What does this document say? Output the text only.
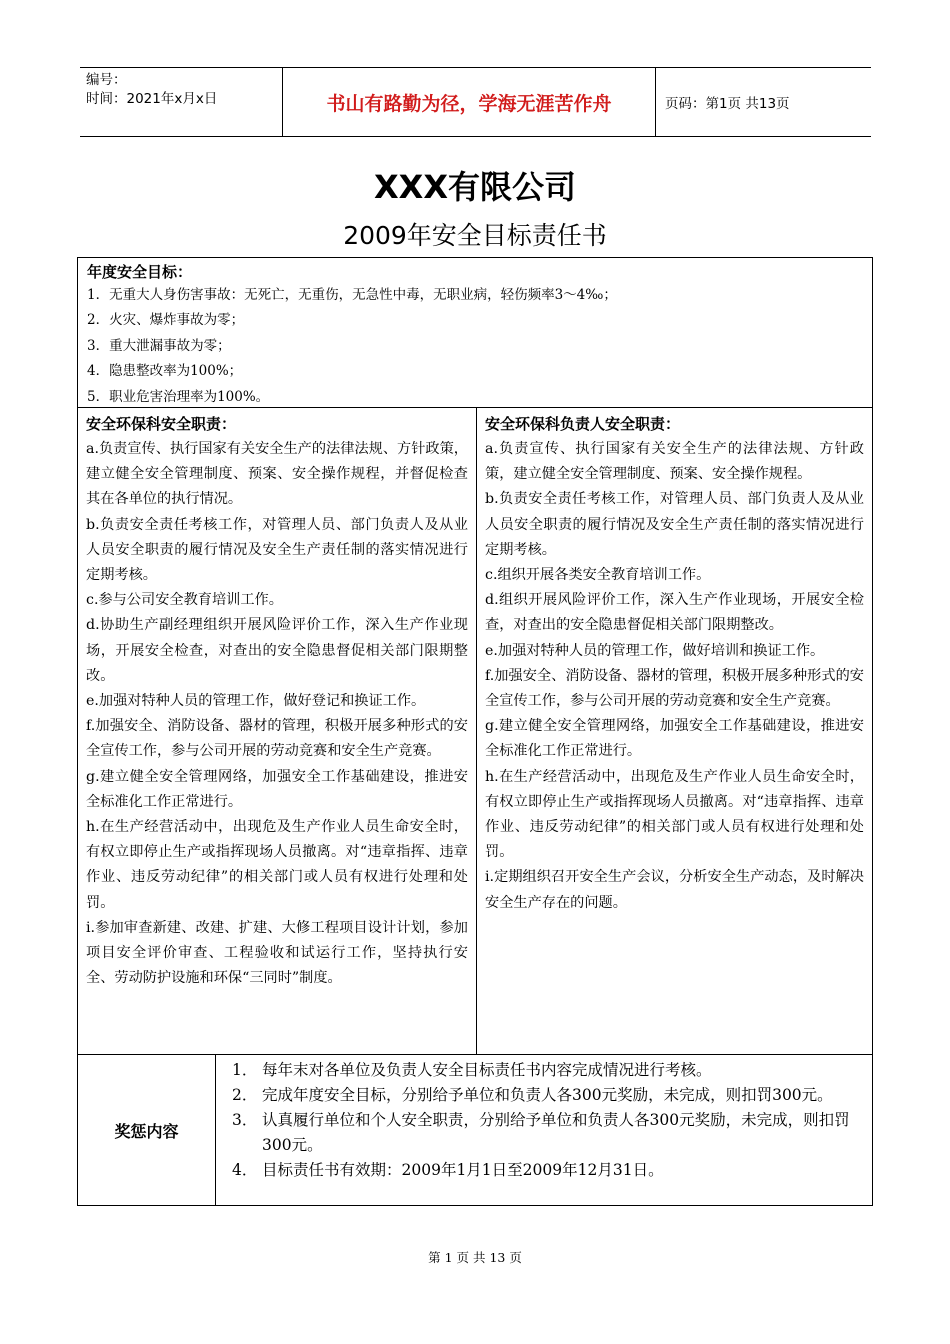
编号：
时间：2021年x月x日	书山有路勤为径，学海无涯苦作舟	页码：第1页 共13页
XXX有限公司
2009年安全目标责任书
年度安全目标：
1．无重大人身伤害事故：无死亡，无重伤，无急性中毒，无职业病，轻伤频率3～4‰；
2．火灾、爆炸事故为零；
3．重大泄漏事故为零；
4．隐患整改率为100%；
5．职业危害治理率为100%。
安全环保科安全职责：

a.负责宣传、执行国家有关安全生产的法律法规、方针政策，建立健全安全管理制度、预案、安全操作规程，并督促检查其在各单位的执行情况。

b.负责安全责任考核工作，对管理人员、部门负责人及从业人员安全职责的履行情况及安全生产责任制的落实情况进行定期考核。

c.参与公司安全教育培训工作。

d.协助生产副经理组织开展风险评价工作，深入生产作业现场，开展安全检查，对查出的安全隐患督促相关部门限期整改。

e.加强对特种人员的管理工作，做好登记和换证工作。

f.加强安全、消防设备、器材的管理，积极开展多种形式的安全宣传工作，参与公司开展的劳动竞赛和安全生产竞赛。

g.建立健全安全管理网络，加强安全工作基础建设，推进安全标准化工作正常进行。

h.在生产经营活动中，出现危及生产作业人员生命安全时，有权立即停止生产或指挥现场人员撤离。对“违章指挥、违章作业、违反劳动纪律”的相关部门或人员有权进行处理和处罚。

i.参加审查新建、改建、扩建、大修工程项目设计计划，参加项目安全评价审查、工程验收和试运行工作，坚持执行安全、劳动防护设施和环保“三同时”制度。

安全环保科负责人安全职责：

a.负责宣传、执行国家有关安全生产的法律法规、方针政策，建立健全安全管理制度、预案、安全操作规程。

b.负责安全责任考核工作，对管理人员、部门负责人及从业人员安全职责的履行情况及安全生产责任制的落实情况进行定期考核。

c.组织开展各类安全教育培训工作。

d.组织开展风险评价工作，深入生产作业现场，开展安全检查，对查出的安全隐患督促相关部门限期整改。

e.加强对特种人员的管理工作，做好培训和换证工作。

f.加强安全、消防设备、器材的管理，积极开展多种形式的安全宣传工作，参与公司开展的劳动竞赛和安全生产竞赛。

g.建立健全安全管理网络，加强安全工作基础建设，推进安全标准化工作正常进行。

h.在生产经营活动中，出现危及生产作业人员生命安全时，有权立即停止生产或指挥现场人员撤离。对“违章指挥、违章作业、违反劳动纪律”的相关部门或人员有权进行处理和处罚。

i.定期组织召开安全生产会议，分析安全生产动态，及时解决安全生产存在的问题。

奖惩内容

1． 每年末对各单位及负责人安全目标责任书内容完成情况进行考核。

2． 完成年度安全目标，分别给予单位和负责人各300元奖励，未完成，则扣罚300元。

3． 认真履行单位和个人安全职责，分别给予单位和负责人各300元奖励，未完成，则扣罚300元。

4． 目标责任书有效期：2009年1月1日至2009年12月31日。

第 1 页 共 13 页
